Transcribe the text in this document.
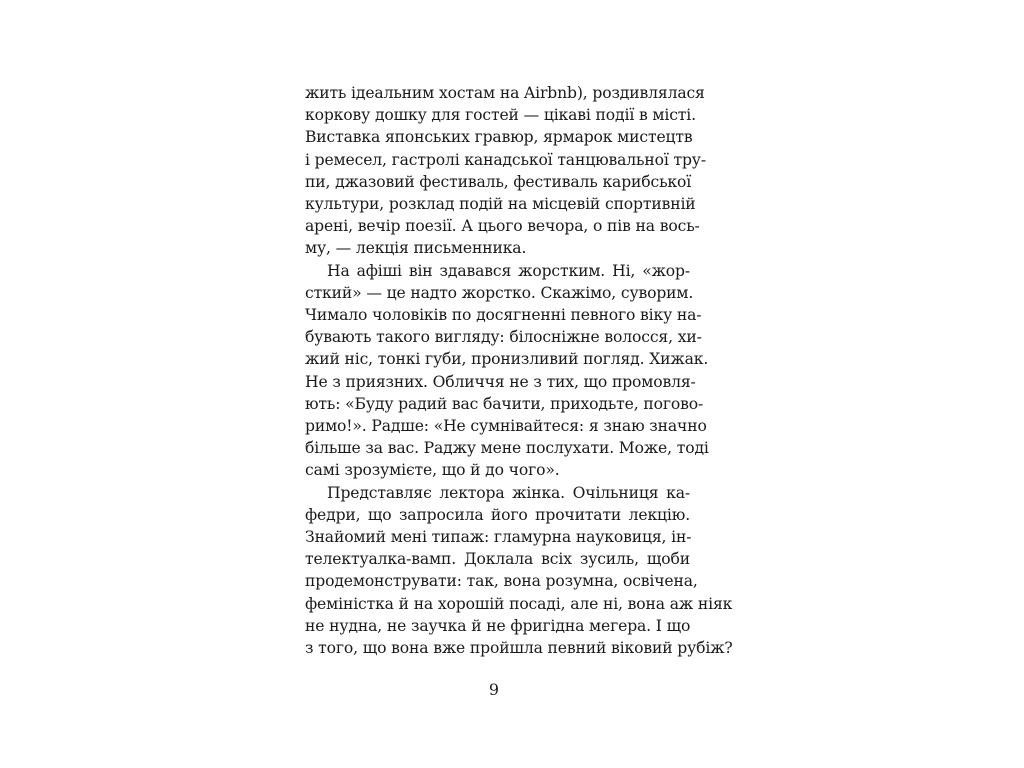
жить ідеальним хостам на Airbnb), роздивлялася
коркову дошку для гостей — цікаві події в місті.
Виставка японських гравюр, ярмарок мистецтв
і ремесел, гастролі канадської танцювальної тру-
пи, джазовий фестиваль, фестиваль карибської
культури, розклад подій на місцевій спортивній
арені, вечір поезії. А цього вечора, о пів на вось-
му, — лекція письменника.

На афіші він здавався жорстким. Ні, «жор-
сткий» — це надто жорстко. Скажімо, суворим.
Чимало чоловіків по досягненні певного віку на-
бувають такого вигляду: білосніжне волосся, хи-
жий ніс, тонкі губи, пронизливий погляд. Хижак.
Не з приязних. Обличчя не з тих, що промовля-
ють: «Буду радий вас бачити, приходьте, погово-
римо!». Радше: «Не сумнівайтеся: я знаю значно
більше за вас. Раджу мене послухати. Може, тоді
самі зрозумієте, що й до чого».

Представляє лектора жінка. Очільниця ка-
федри, що запросила його прочитати лекцію.
Знайомий мені типаж: гламурна науковиця, ін-
телектуалка-вамп. Доклала всіх зусиль, щоби
продемонструвати: так, вона розумна, освічена,
феміністка й на хорошій посаді, але ні, вона аж ніяк
не нудна, не заучка й не фригідна мегера. І що
з того, що вона вже пройшла певний віковий рубіж?

9
